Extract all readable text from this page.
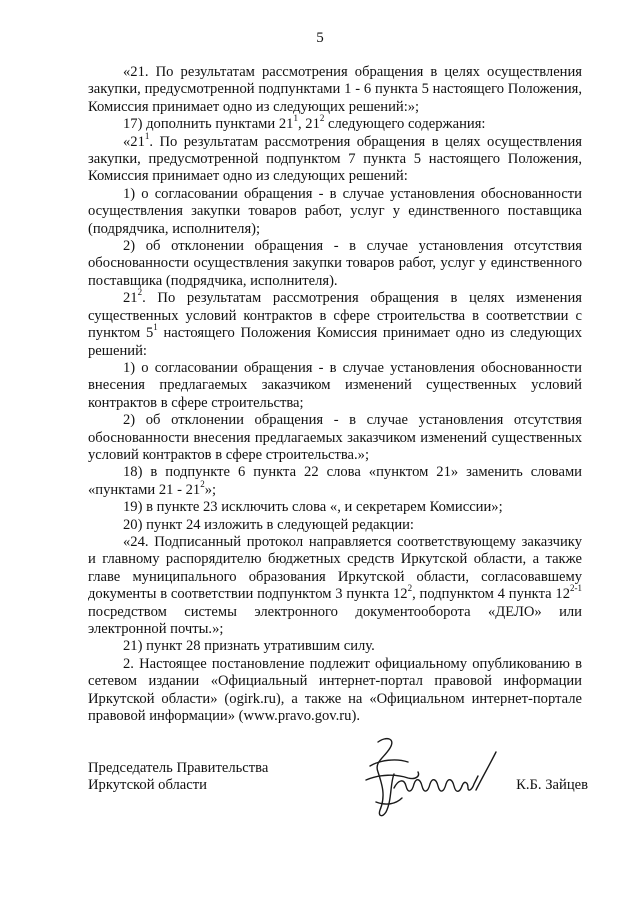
5

«21. По результатам рассмотрения обращения в целях осуществления закупки, предусмотренной подпунктами 1 - 6 пункта 5 настоящего Положения, Комиссия принимает одно из следующих решений:»;

17) дополнить пунктами $21^1$, $21^2$ следующего содержания:

«$21^1$. По результатам рассмотрения обращения в целях осуществления закупки, предусмотренной подпунктом 7 пункта 5 настоящего Положения, Комиссия принимает одно из следующих решений:

1) о согласовании обращения - в случае установления обоснованности осуществления закупки товаров работ, услуг у единственного поставщика (подрядчика, исполнителя);

2) об отклонении обращения - в случае установления отсутствия обоснованности осуществления закупки товаров работ, услуг у единственного поставщика (подрядчика, исполнителя).

$21^2$. По результатам рассмотрения обращения в целях изменения существенных условий контрактов в сфере строительства в соответствии с пунктом $5^1$ настоящего Положения Комиссия принимает одно из следующих решений:

1) о согласовании обращения - в случае установления обоснованности внесения предлагаемых заказчиком изменений существенных условий контрактов в сфере строительства;

2) об отклонении обращения - в случае установления отсутствия обоснованности внесения предлагаемых заказчиком изменений существенных условий контрактов в сфере строительства.»;

18) в подпункте 6 пункта 22 слова «пунктом 21» заменить словами «пунктами $21 - 21^2$»;

19) в пункте 23 исключить слова «, и секретарем Комиссии»;

20) пункт 24 изложить в следующей редакции:

«24. Подписанный протокол направляется соответствующему заказчику и главному распорядителю бюджетных средств Иркутской области, а также главе муниципального образования Иркутской области, согласовавшему документы в соответствии подпунктом 3 пункта $12^2$, подпунктом 4 пункта 12$^{2-1}$ посредством системы электронного документооборота «ДЕЛО» или электронной почты.»;

21) пункт 28 признать утратившим силу.

2. Настоящее постановление подлежит официальному опубликованию в сетевом издании «Официальный интернет-портал правовой информации Иркутской области» (ogirk.ru), а также на «Официальном интернет-портале правовой информации» (www.pravo.gov.ru).

Председатель Правительства
Иркутской области	К.Б. Зайцев
